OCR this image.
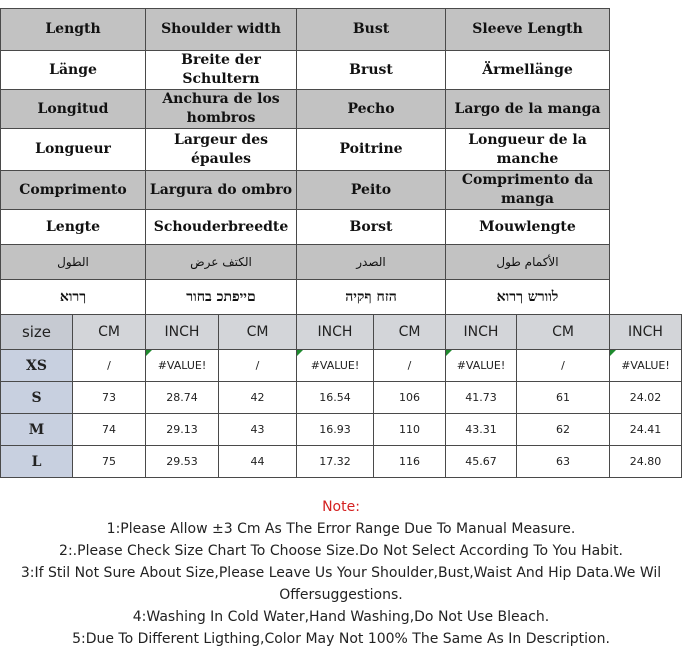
Length		Shoulder width		Bust		Sleeve Length		
Länge		Breite der Schultern		Brust		Ärmellänge		
Longitud		Anchura de los hombros		Pecho		Largo de la manga		
Longueur		Largeur des épaules		Poitrine		Longueur de la manche		
Comprimento		Largura do ombro		Peito		Comprimento da manga		
Lengte		Schouderbreedte		Borst		Mouwlengte		
الطول		الكتف عرض		الصدر		الأكمام طول		
ךרוא		םייפתכ בחור		הזח ףקיה		לוורש ךרוא		
size	CM	INCH	CM	INCH	CM	INCH	CM	INCH
XS	/	#VALUE!	/	#VALUE!	/	#VALUE!	/	#VALUE!
S	73	28.74	42	16.54	106	41.73	61	24.02
M	74	29.13	43	16.93	110	43.31	62	24.41
L	75	29.53	44	17.32	116	45.67	63	24.80
Note:
1:Please Allow ±3 Cm As The Error Range Due To Manual Measure.
2:.Please Check Size Chart To Choose Size.Do Not Select According To You Habit.
3:If Stil Not Sure About Size,Please Leave Us Your Shoulder,Bust,Waist And Hip Data.We Wil
Offersuggestions.
4:Washing In Cold Water,Hand Washing,Do Not Use Bleach.
5:Due To Different Ligthing,Color May Not 100% The Same As In Description.
